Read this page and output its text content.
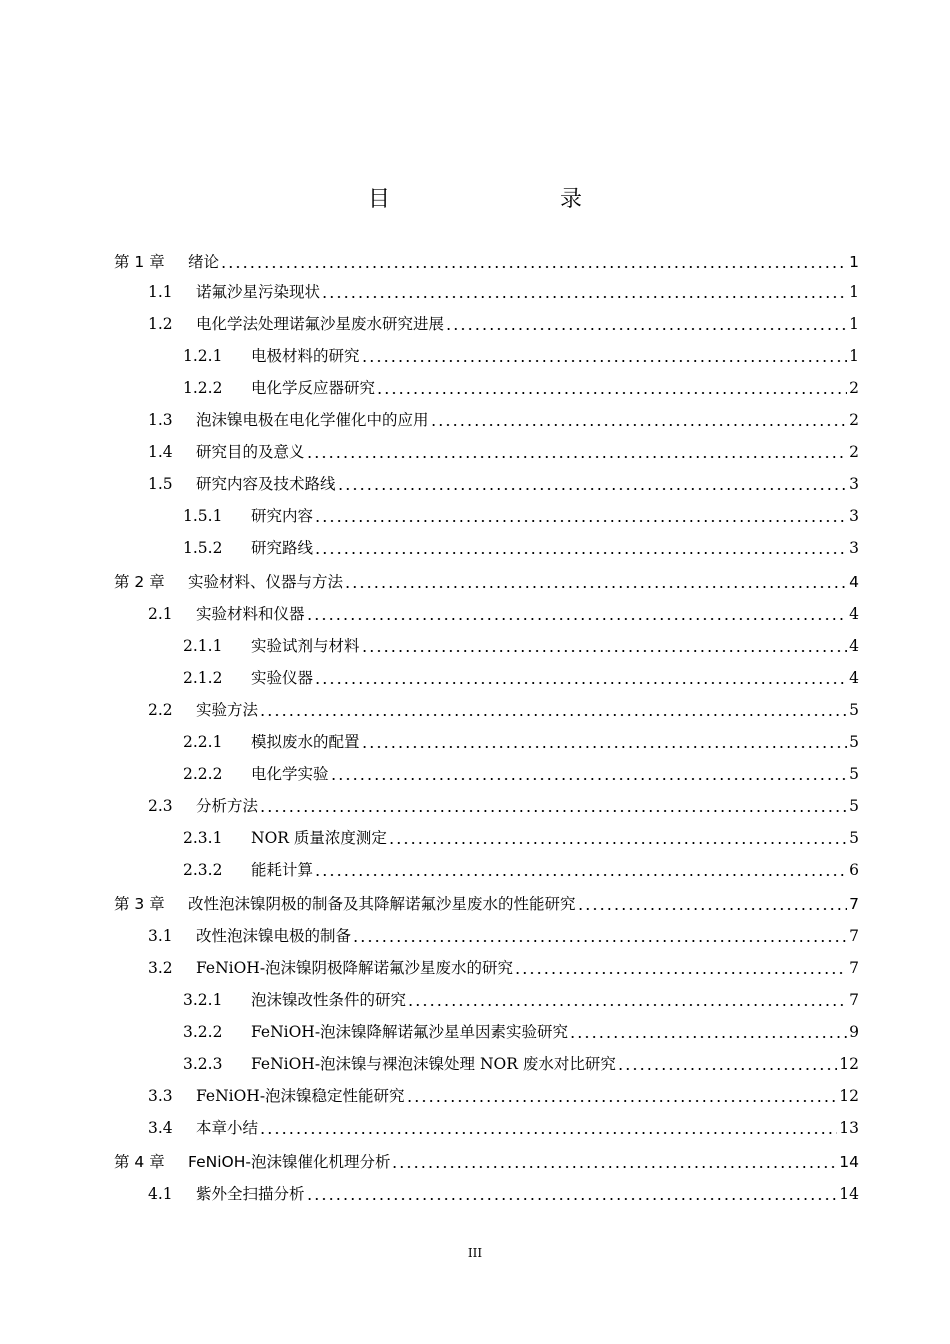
目　　录
第 1 章	绪论	1
1.1	诺氟沙星污染现状	1
1.2	电化学法处理诺氟沙星废水研究进展	1
1.2.1	电极材料的研究	1
1.2.2	电化学反应器研究	2
1.3	泡沫镍电极在电化学催化中的应用	2
1.4	研究目的及意义	2
1.5	研究内容及技术路线	3
1.5.1	研究内容	3
1.5.2	研究路线	3
第 2 章	实验材料、仪器与方法	4
2.1	实验材料和仪器	4
2.1.1	实验试剂与材料	4
2.1.2	实验仪器	4
2.2	实验方法	5
2.2.1	模拟废水的配置	5
2.2.2	电化学实验	5
2.3	分析方法	5
2.3.1	NOR 质量浓度测定	5
2.3.2	能耗计算	6
第 3 章	改性泡沫镍阴极的制备及其降解诺氟沙星废水的性能研究	7
3.1	改性泡沫镍电极的制备	7
3.2	FeNiOH-泡沫镍阴极降解诺氟沙星废水的研究	7
3.2.1	泡沫镍改性条件的研究	7
3.2.2	FeNiOH-泡沫镍降解诺氟沙星单因素实验研究	9
3.2.3	FeNiOH-泡沫镍与裸泡沫镍处理 NOR 废水对比研究	12
3.3	FeNiOH-泡沫镍稳定性能研究	12
3.4	本章小结	13
第 4 章	FeNiOH-泡沫镍催化机理分析	14
4.1	紫外全扫描分析	14
III
